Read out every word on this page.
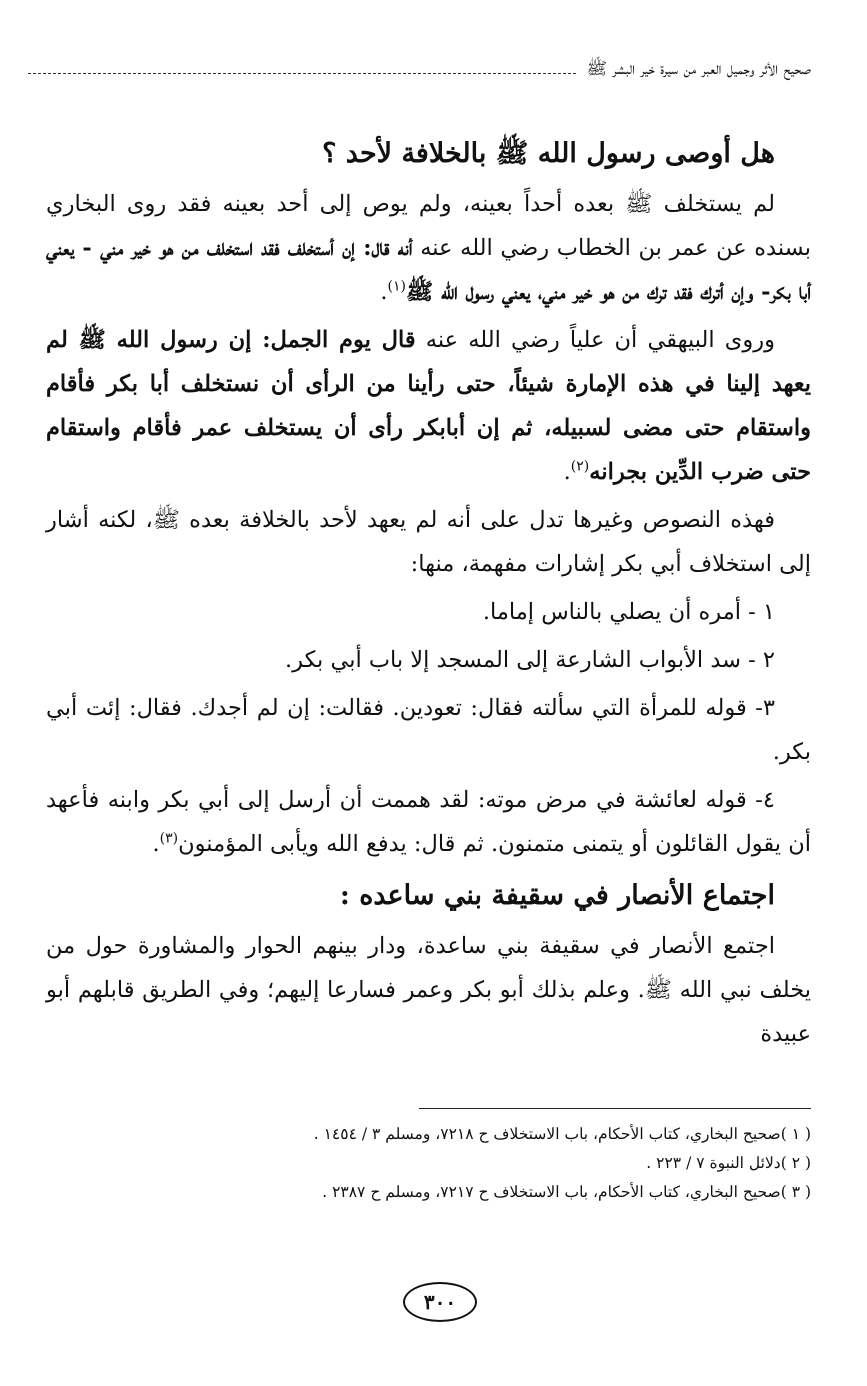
صحيح الأثر وجميل العبر من سيرة خير البشر ﷺ
هل أوصى رسول الله ﷺ بالخلافة لأحد ؟

لم يستخلف ﷺ بعده أحداً بعينه، ولم يوص إلى أحد بعينه فقد روى البخاري بسنده عن عمر بن الخطاب رضي الله عنه أنه قال: إن أستخلف فقد استخلف من هو خير مني - يعني أبا بكر- وإن أترك فقد ترك من هو خير مني، يعني رسول الله ﷺ$^{(١)}$.

وروى البيهقي أن علياً رضي الله عنه قال يوم الجمل: إن رسول الله ﷺ لم يعهد إلينا في هذه الإمارة شيئاً، حتى رأينا من الرأى أن نستخلف أبا بكر فأقام واستقام حتى مضى لسبيله، ثم إن أبابكر رأى أن يستخلف عمر فأقام واستقام حتى ضرب الدِّين بجرانه$^{(٢)}$.

فهذه النصوص وغيرها تدل على أنه لم يعهد لأحد بالخلافة بعده ﷺ، لكنه أشار إلى استخلاف أبي بكر إشارات مفهمة، منها:

١ - أمره أن يصلي بالناس إماما.

٢ - سد الأبواب الشارعة إلى المسجد إلا باب أبي بكر.

٣- قوله للمرأة التي سألته فقال: تعودين. فقالت: إن لم أجدك. فقال: إئت أبي بكر.

٤- قوله لعائشة في مرض موته: لقد هممت أن أرسل إلى أبي بكر وابنه فأعهد أن يقول القائلون أو يتمنى متمنون. ثم قال: يدفع الله ويأبى المؤمنون$^{(٣)}$.

اجتماع الأنصار في سقيفة بني ساعده :

اجتمع الأنصار في سقيفة بني ساعدة، ودار بينهم الحوار والمشاورة حول من يخلف نبي الله ﷺ. وعلم بذلك أبو بكر وعمر فسارعا إليهم؛ وفي الطريق قابلهم أبو عبيدة

( ١ )صحيح البخاري، كتاب الأحكام، باب الاستخلاف ح ٧٢١٨، ومسلم ٣ / ١٤٥٤ .
( ٢ )دلائل النبوة ٧ / ٢٢٣ .
( ٣ )صحيح البخاري، كتاب الأحكام، باب الاستخلاف ح ٧٢١٧، ومسلم ح ٢٣٨٧ .
٣٠٠
